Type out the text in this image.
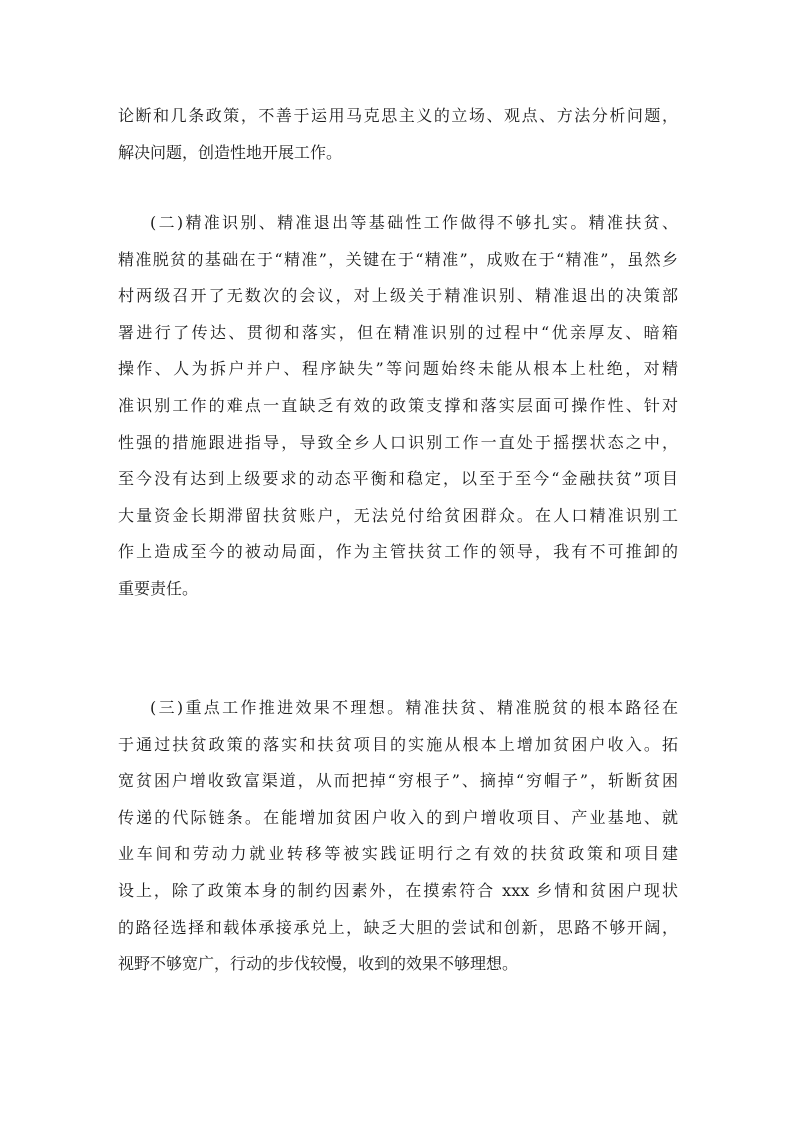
论断和几条政策，不善于运用马克思主义的立场、观点、方法分析问题，
解决问题，创造性地开展工作。

(二)精准识别、精准退出等基础性工作做得不够扎实。精准扶贫、
精准脱贫的基础在于“精准”，关键在于“精准”，成败在于“精准”，虽然乡
村两级召开了无数次的会议，对上级关于精准识别、精准退出的决策部
署进行了传达、贯彻和落实，但在精准识别的过程中“优亲厚友、暗箱
操作、人为拆户并户、程序缺失”等问题始终未能从根本上杜绝，对精
准识别工作的难点一直缺乏有效的政策支撑和落实层面可操作性、针对
性强的措施跟进指导，导致全乡人口识别工作一直处于摇摆状态之中，
至今没有达到上级要求的动态平衡和稳定，以至于至今“金融扶贫”项目
大量资金长期滞留扶贫账户，无法兑付给贫困群众。在人口精准识别工
作上造成至今的被动局面，作为主管扶贫工作的领导，我有不可推卸的
重要责任。

(三)重点工作推进效果不理想。精准扶贫、精准脱贫的根本路径在
于通过扶贫政策的落实和扶贫项目的实施从根本上增加贫困户收入。拓
宽贫困户增收致富渠道，从而把掉“穷根子”、摘掉“穷帽子”，斩断贫困
传递的代际链条。在能增加贫困户收入的到户增收项目、产业基地、就
业车间和劳动力就业转移等被实践证明行之有效的扶贫政策和项目建
设上，除了政策本身的制约因素外，在摸索符合 xxx 乡情和贫困户现状
的路径选择和载体承接承兑上，缺乏大胆的尝试和创新，思路不够开阔，
视野不够宽广，行动的步伐较慢，收到的效果不够理想。
